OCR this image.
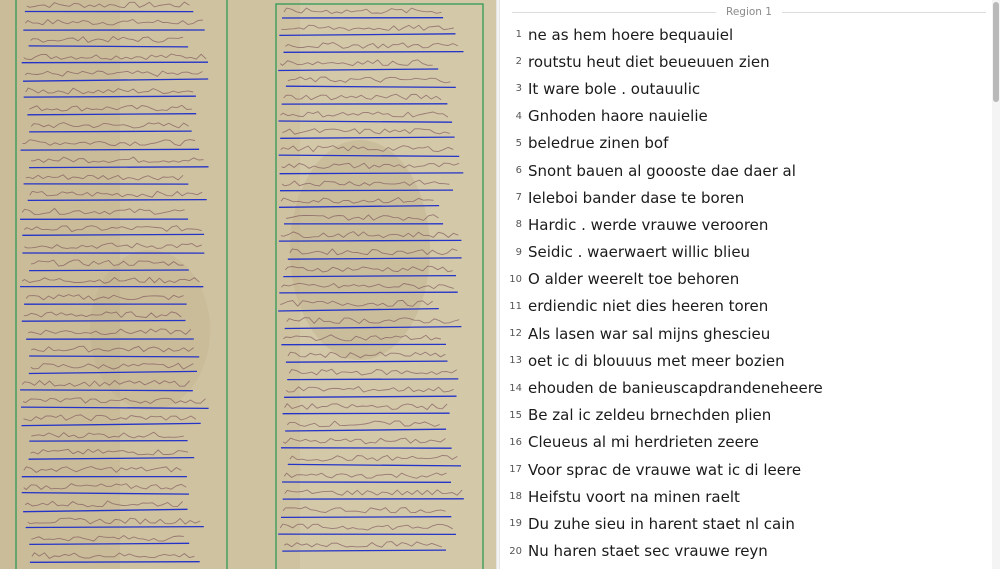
Region 1
1 ne as hem hoere bequauiel
2 routstu heut diet beueuuen zien
3 It ware bole . outauulic
4 Gnhoden haore nauielie
5 beledrue zinen bof
6 Snont bauen al goooste dae daer al
7 Ieleboi bander dase te boren
8 Hardic . werde vrauwe verooren
9 Seidic . waerwaert willic blieu
10 O alder weerelt toe behoren
11 erdiendic niet dies heeren toren
12 Als lasen war sal mijns ghescieu
13 oet ic di blouuus met meer bozien
14 ehouden de banieuscapdrandeneheere
15 Be zal ic zeldeu brnechden plien
16 Cleueus al mi herdrieten zeere
17 Voor sprac de vrauwe wat ic di leere
18 Heifstu voort na minen raelt
19 Du zuhe sieu in harent staet nl cain
20 Nu haren staet sec vrauwe reyn
